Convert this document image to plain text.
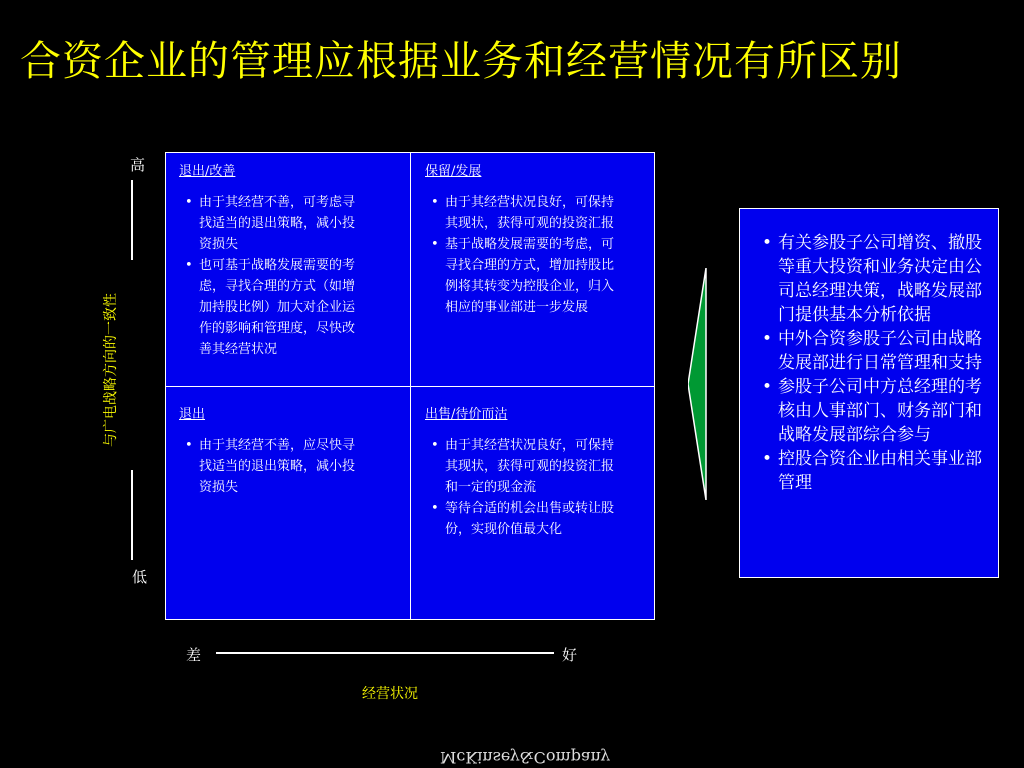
合资企业的管理应根据业务和经营情况有所区别
高
与广电战略方向的一致性
低
退出/改善
• 由于其经营不善，可考虑寻找适当的退出策略，减小投资损失
• 也可基于战略发展需要的考虑，寻找合理的方式（如增加持股比例）加大对企业运作的影响和管理度，尽快改善其经营状况
保留/发展
• 由于其经营状况良好，可保持其现状，获得可观的投资汇报
• 基于战略发展需要的考虑，可寻找合理的方式，增加持股比例将其转变为控股企业，归入相应的事业部进一步发展
退出
• 由于其经营不善，应尽快寻找适当的退出策略，减小投资损失
出售/待价而沽
• 由于其经营状况良好，可保持其现状，获得可观的投资汇报和一定的现金流
• 等待合适的机会出售或转让股份，实现价值最大化
差	好
经营状况
• 有关参股子公司增资、撤股等重大投资和业务决定由公司总经理决策，战略发展部门提供基本分析依据
• 中外合资参股子公司由战略发展部进行日常管理和支持
• 参股子公司中方总经理的考核由人事部门、财务部门和战略发展部综合参与
• 控股合资企业由相关事业部管理
McKinsey&Company
